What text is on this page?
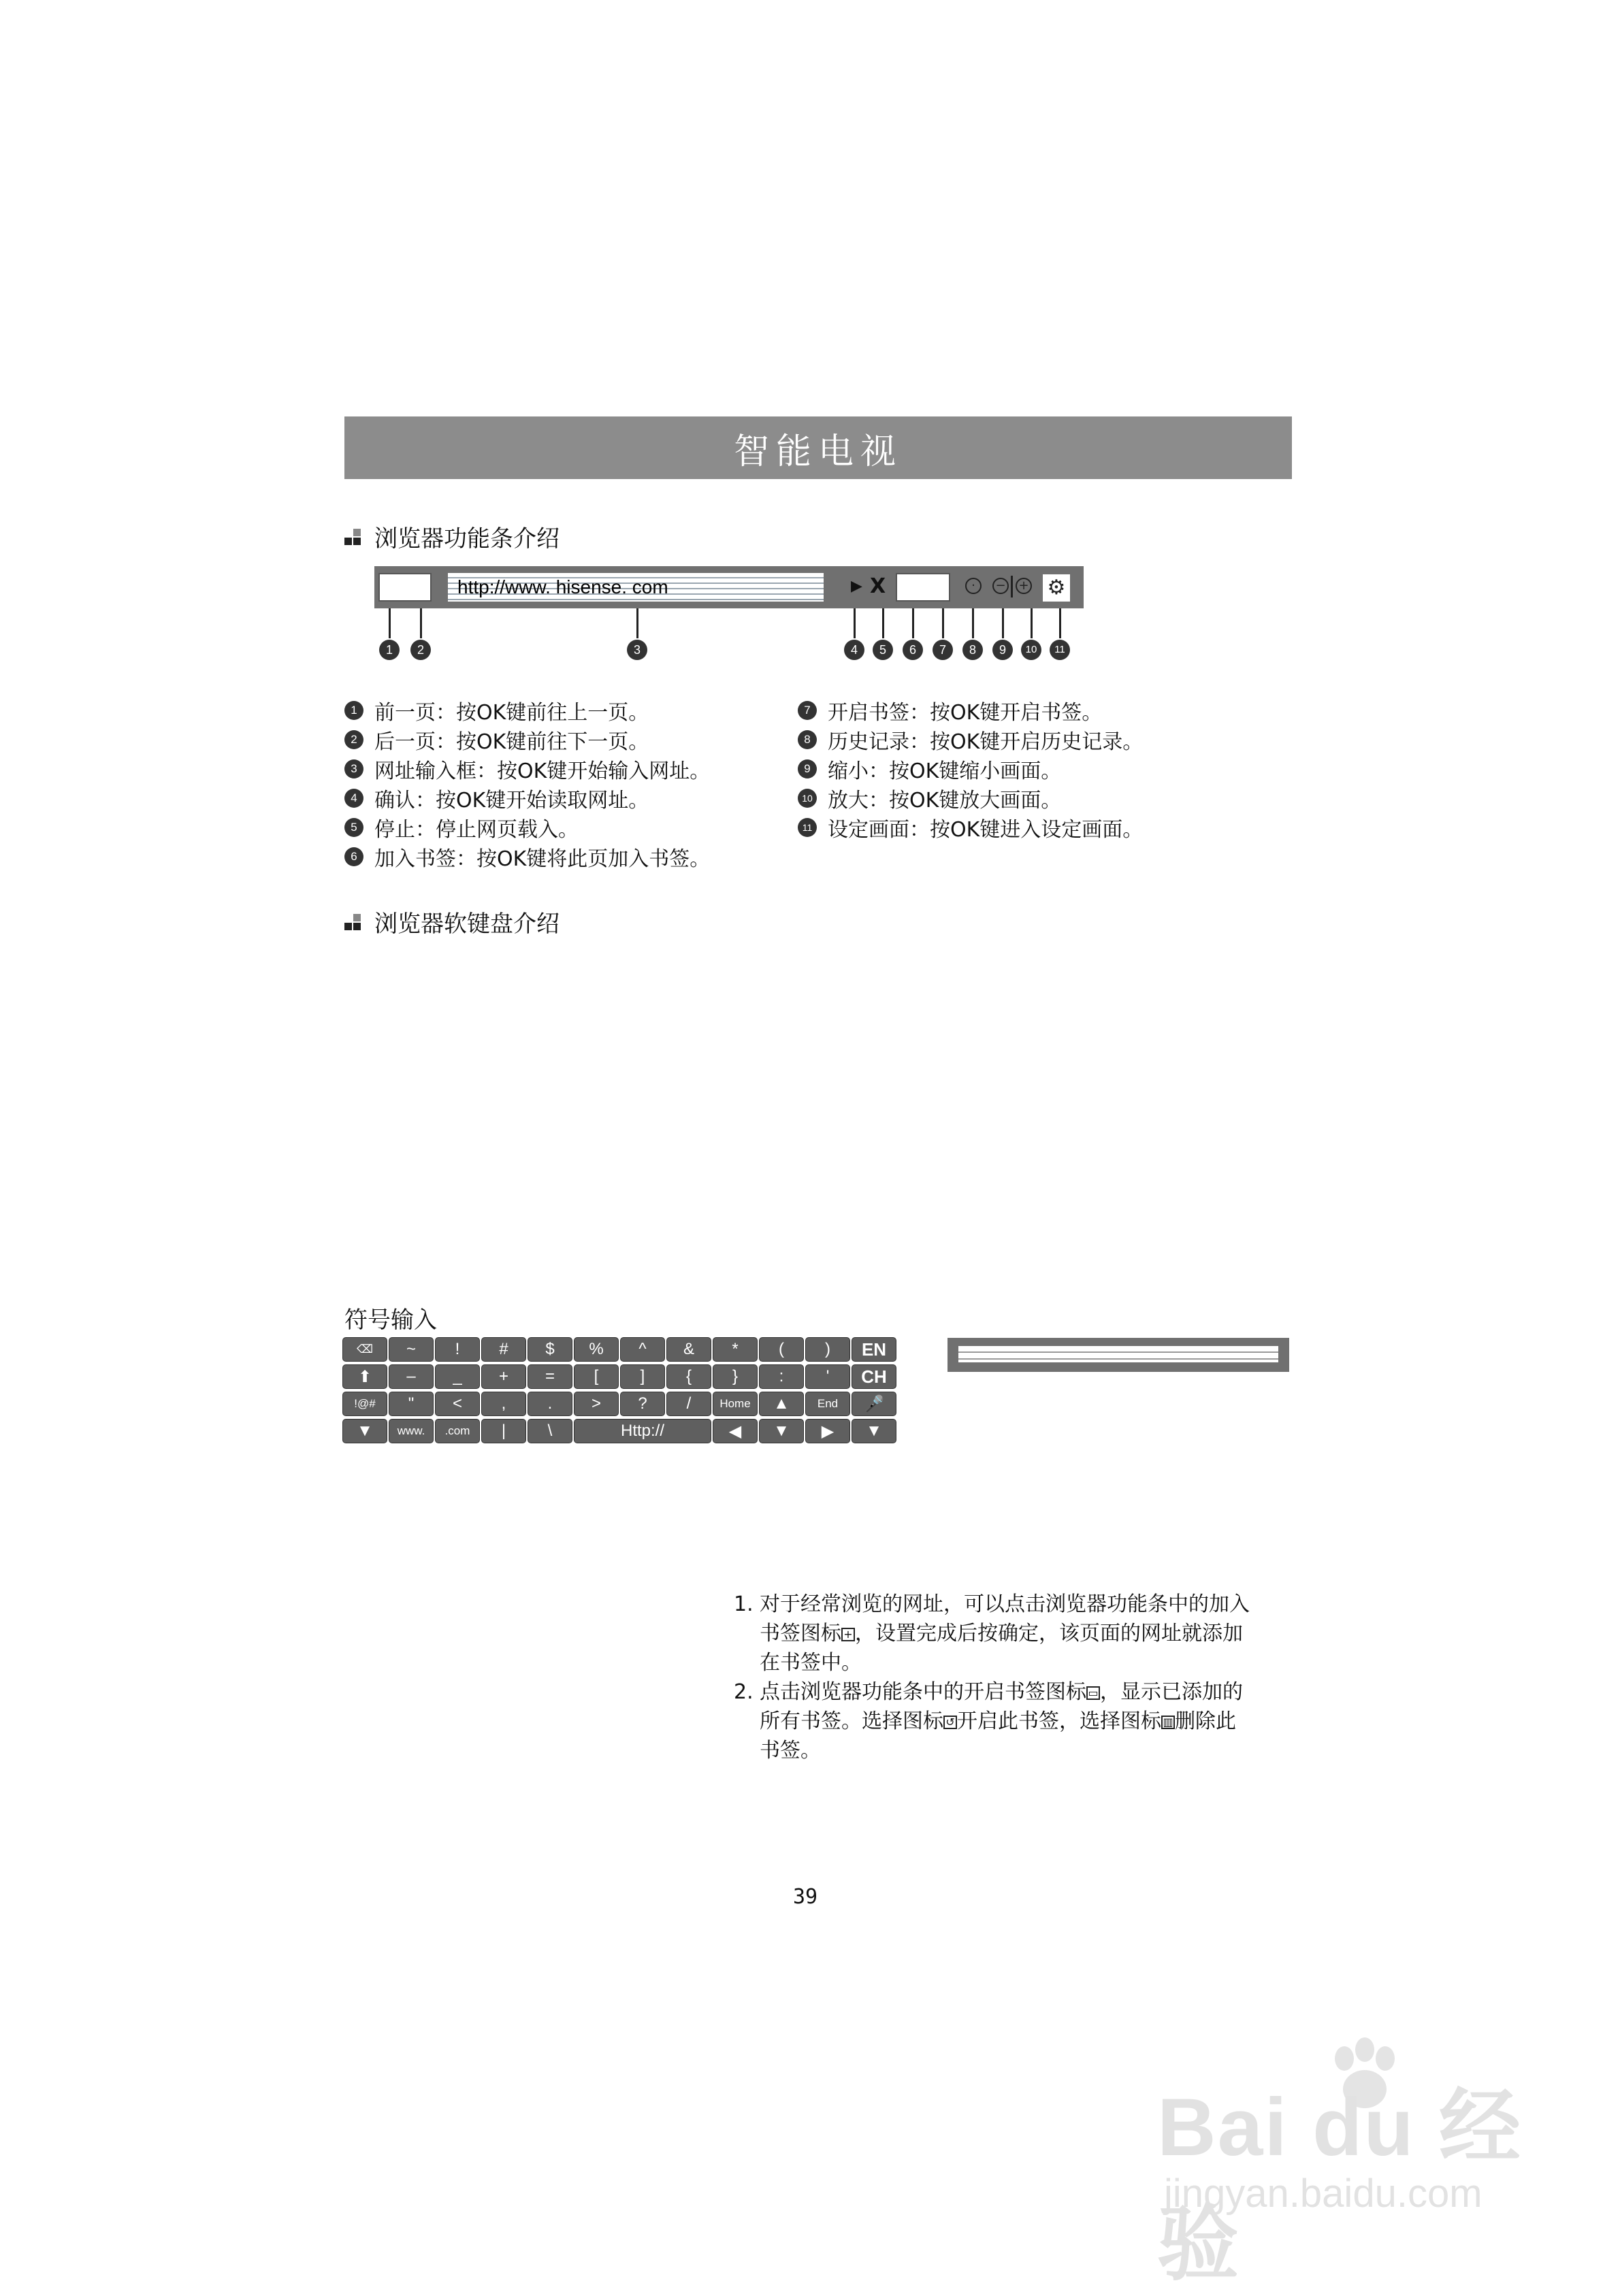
智能电视
浏览器功能条介绍
http://www. hisense. com	▶ X	·	− + ⚙
1	2	3	4	5	6	7	8	9	10	11
1 前一页：按OK键前往上一页。
2 后一页：按OK键前往下一页。
3 网址输入框：按OK键开始输入网址。
4 确认：按OK键开始读取网址。
5 停止：停止网页载入。
6 加入书签：按OK键将此页加入书签。
7 开启书签：按OK键开启书签。
8 历史记录：按OK键开启历史记录。
9 缩小：按OK键缩小画面。
10 放大：按OK键放大画面。
11 设定画面：按OK键进入设定画面。
浏览器软键盘介绍
符号输入
⌫	~	!	#	$	%	^	&	*	(	)	EN
⬆	–	_	+	=	[	]	{	}	:	'	CH
!@#	"	<	,	.	>	?	/	Home	▲	End	🎤
▼	www.	.com	|	\	Http://	◀	▼	▶	▼
1. 对于经常浏览的网址，可以点击浏览器功能条中的加入
书签图标 + ，设置完成后按确定，该页面的网址就添加
在书签中。
2. 点击浏览器功能条中的开启书签图标 ▭，显示已添加的
所有书签。选择图标 ↺ 开启此书签，选择图标 ▥删除此
书签。
39
Bai du 经验
jingyan.baidu.com
